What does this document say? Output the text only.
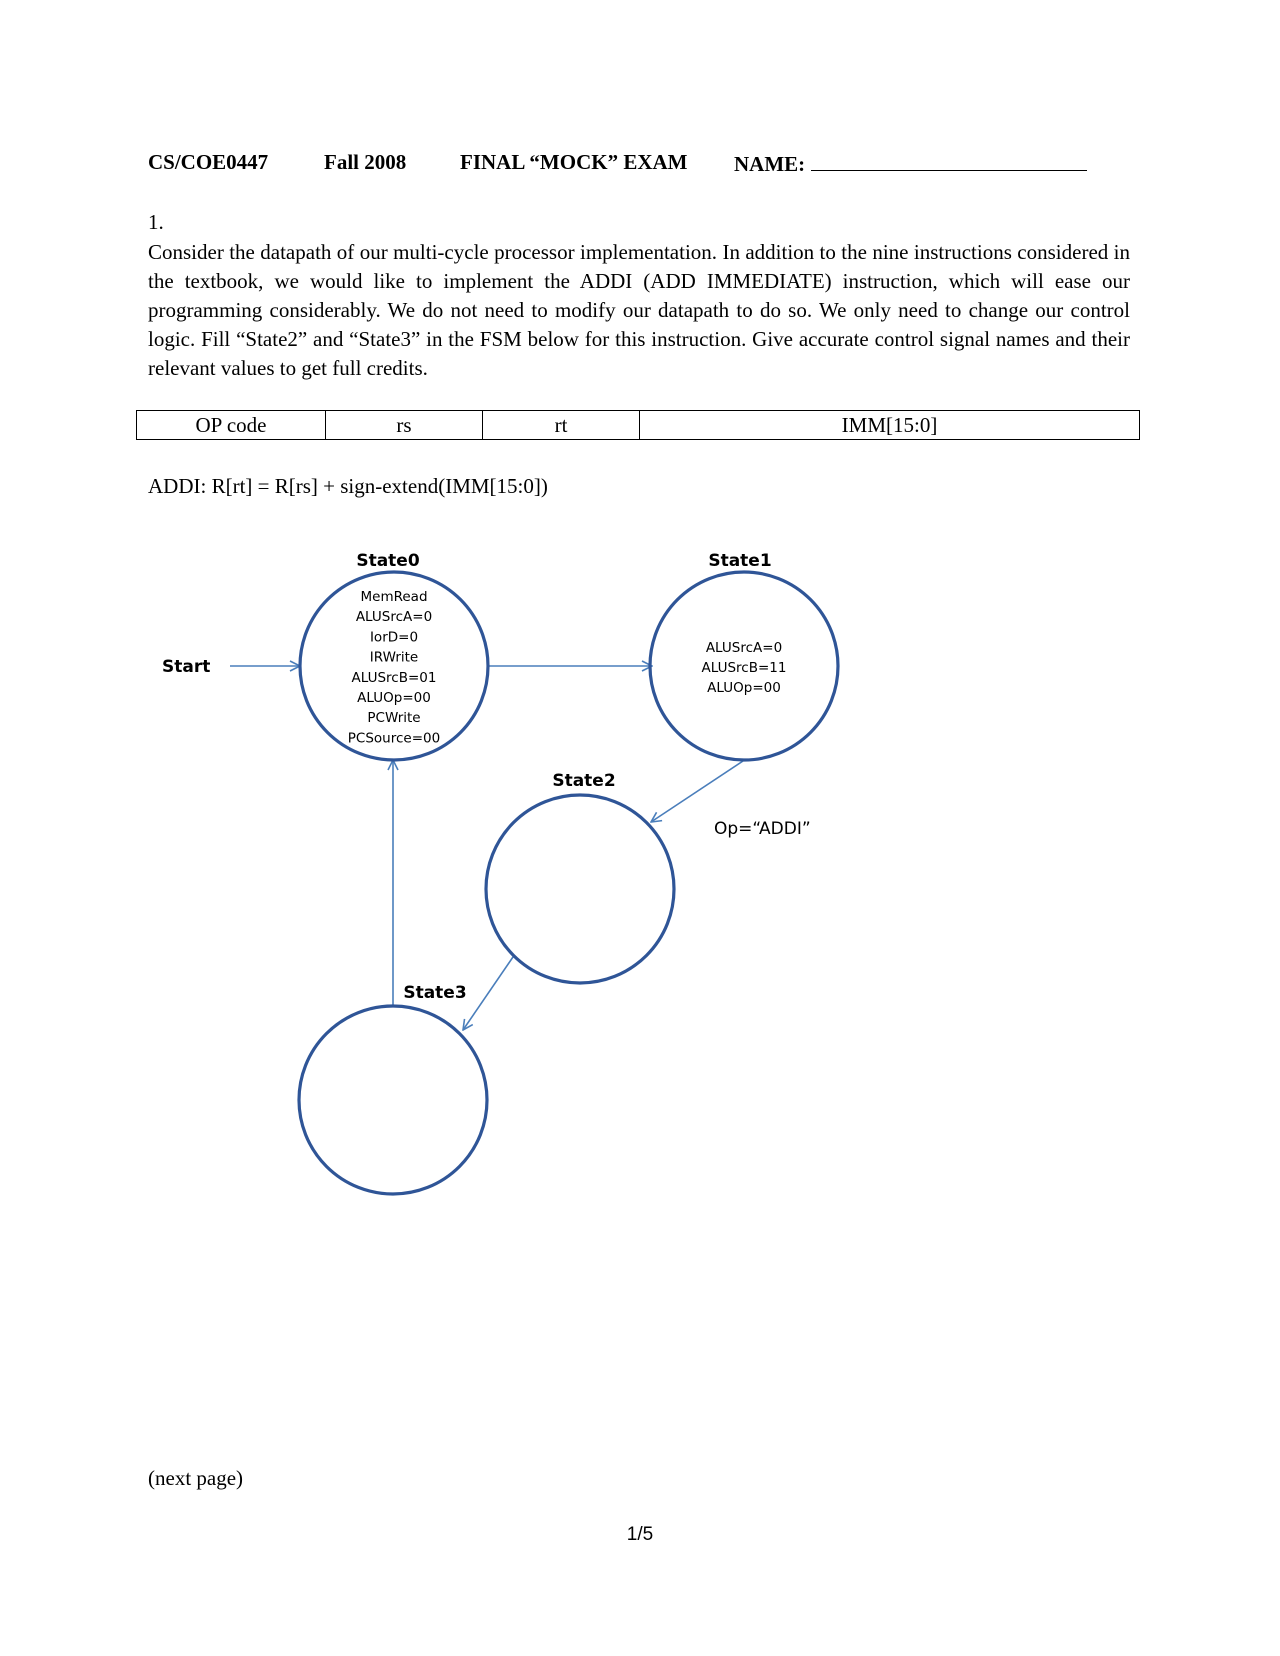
CS/COE0447	Fall 2008	FINAL “MOCK” EXAM NAME:
1.
Consider the datapath of our multi-cycle processor implementation. In addition to the nine instructions considered in the textbook, we would like to implement the ADDI (ADD IMMEDIATE) instruction, which will ease our programming considerably. We do not need to modify our datapath to do so. We only need to change our control logic. Fill “State2” and “State3” in the FSM below for this instruction. Give accurate control signal names and their relevant values to get full credits.
OP code	rs	rt	IMM[15:0]
ADDI: R[rt] = R[rs] + sign-extend(IMM[15:0])
State0	State1
State2
State3
Start
Op=“ADDI”
MemRead
ALUSrcA=0
IorD=0
IRWrite
ALUSrcB=01
ALUOp=00
PCWrite
PCSource=00
ALUSrcA=0
ALUSrcB=11
ALUOp=00
(next page)
1/5
